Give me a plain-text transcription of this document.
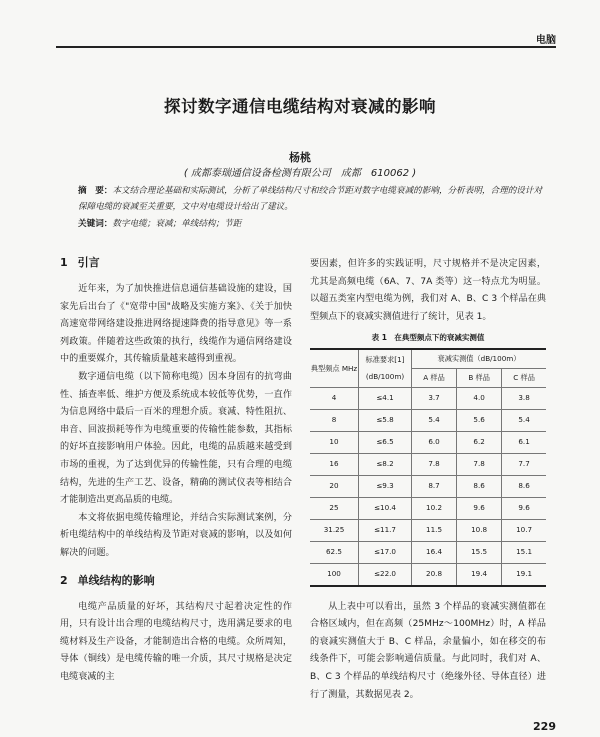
电脑
探讨数字通信电缆结构对衰减的影响
杨桃
( 成都泰瑞通信设备检测有限公司　成都　610062 )
摘　要：本文结合理论基础和实际测试，分析了单线结构尺寸和绞合节距对数字电缆衰减的影响，分析表明，合理的设计对保障电缆的衰减至关重要，文中对电缆设计给出了建议。
关键词：数字电缆；衰减；单线结构；节距
1 引言

近年来，为了加快推进信息通信基础设施的建设，国家先后出台了《"宽带中国"战略及实施方案》、《关于加快高速宽带网络建设推进网络提速降费的指导意见》等一系列政策。伴随着这些政策的执行，线缆作为通信网络建设中的重要媒介，其传输质量越来越得到重视。

数字通信电缆（以下简称电缆）因本身固有的抗弯曲性、插查率低、维护方便及系统成本较低等优势，一直作为信息网络中最后一百米的理想介质。衰减、特性阻抗、串音、回波损耗等作为电缆重要的传输性能参数，其指标的好坏直接影响用户体验。因此，电缆的品质越来越受到市场的重视，为了达到优异的传输性能，只有合理的电缆结构，先进的生产工艺、设备，精确的测试仪表等相结合才能制造出更高品质的电缆。

本文将依据电缆传输理论，并结合实际测试案例，分析电缆结构中的单线结构及节距对衰减的影响，以及如何解决的问题。

2 单线结构的影响

电缆产品质量的好坏，其结构尺寸起着决定性的作用，只有设计出合理的电缆结构尺寸，选用满足要求的电缆材料及生产设备，才能制造出合格的电缆。众所周知，导体（铜线）是电缆传输的唯一介质，其尺寸规格是决定电缆衰减的主

要因素，但许多的实践证明，尺寸规格并不是决定因素，尤其是高频电缆（6A、7、7A 类等）这一特点尤为明显。以超五类室内型电缆为例，我们对 A、B、C 3 个样品在典型频点下的衰减实测值进行了统计，见表 1。

表 1　在典型频点下的衰减实测值
典型频点 MHz	标准要求[1] (dB/100m)	衰减实测值（dB/100m）		
		A 样品	B 样品	C 样品
4	≤4.1	3.7	4.0	3.8
8	≤5.8	5.4	5.6	5.4
10	≤6.5	6.0	6.2	6.1
16	≤8.2	7.8	7.8	7.7
20	≤9.3	8.7	8.6	8.6
25	≤10.4	10.2	9.6	9.6
31.25	≤11.7	11.5	10.8	10.7
62.5	≤17.0	16.4	15.5	15.1
100	≤22.0	20.8	19.4	19.1

从上表中可以看出，虽然 3 个样品的衰减实测值都在合格区域内，但在高频（25MHz～100MHz）时，A 样品的衰减实测值大于 B、C 样品，余量偏小，如在移交的布线条件下，可能会影响通信质量。与此同时，我们对 A、B、C 3 个样品的单线结构尺寸（绝缘外径、导体直径）进行了测量，其数据见表 2。

229
